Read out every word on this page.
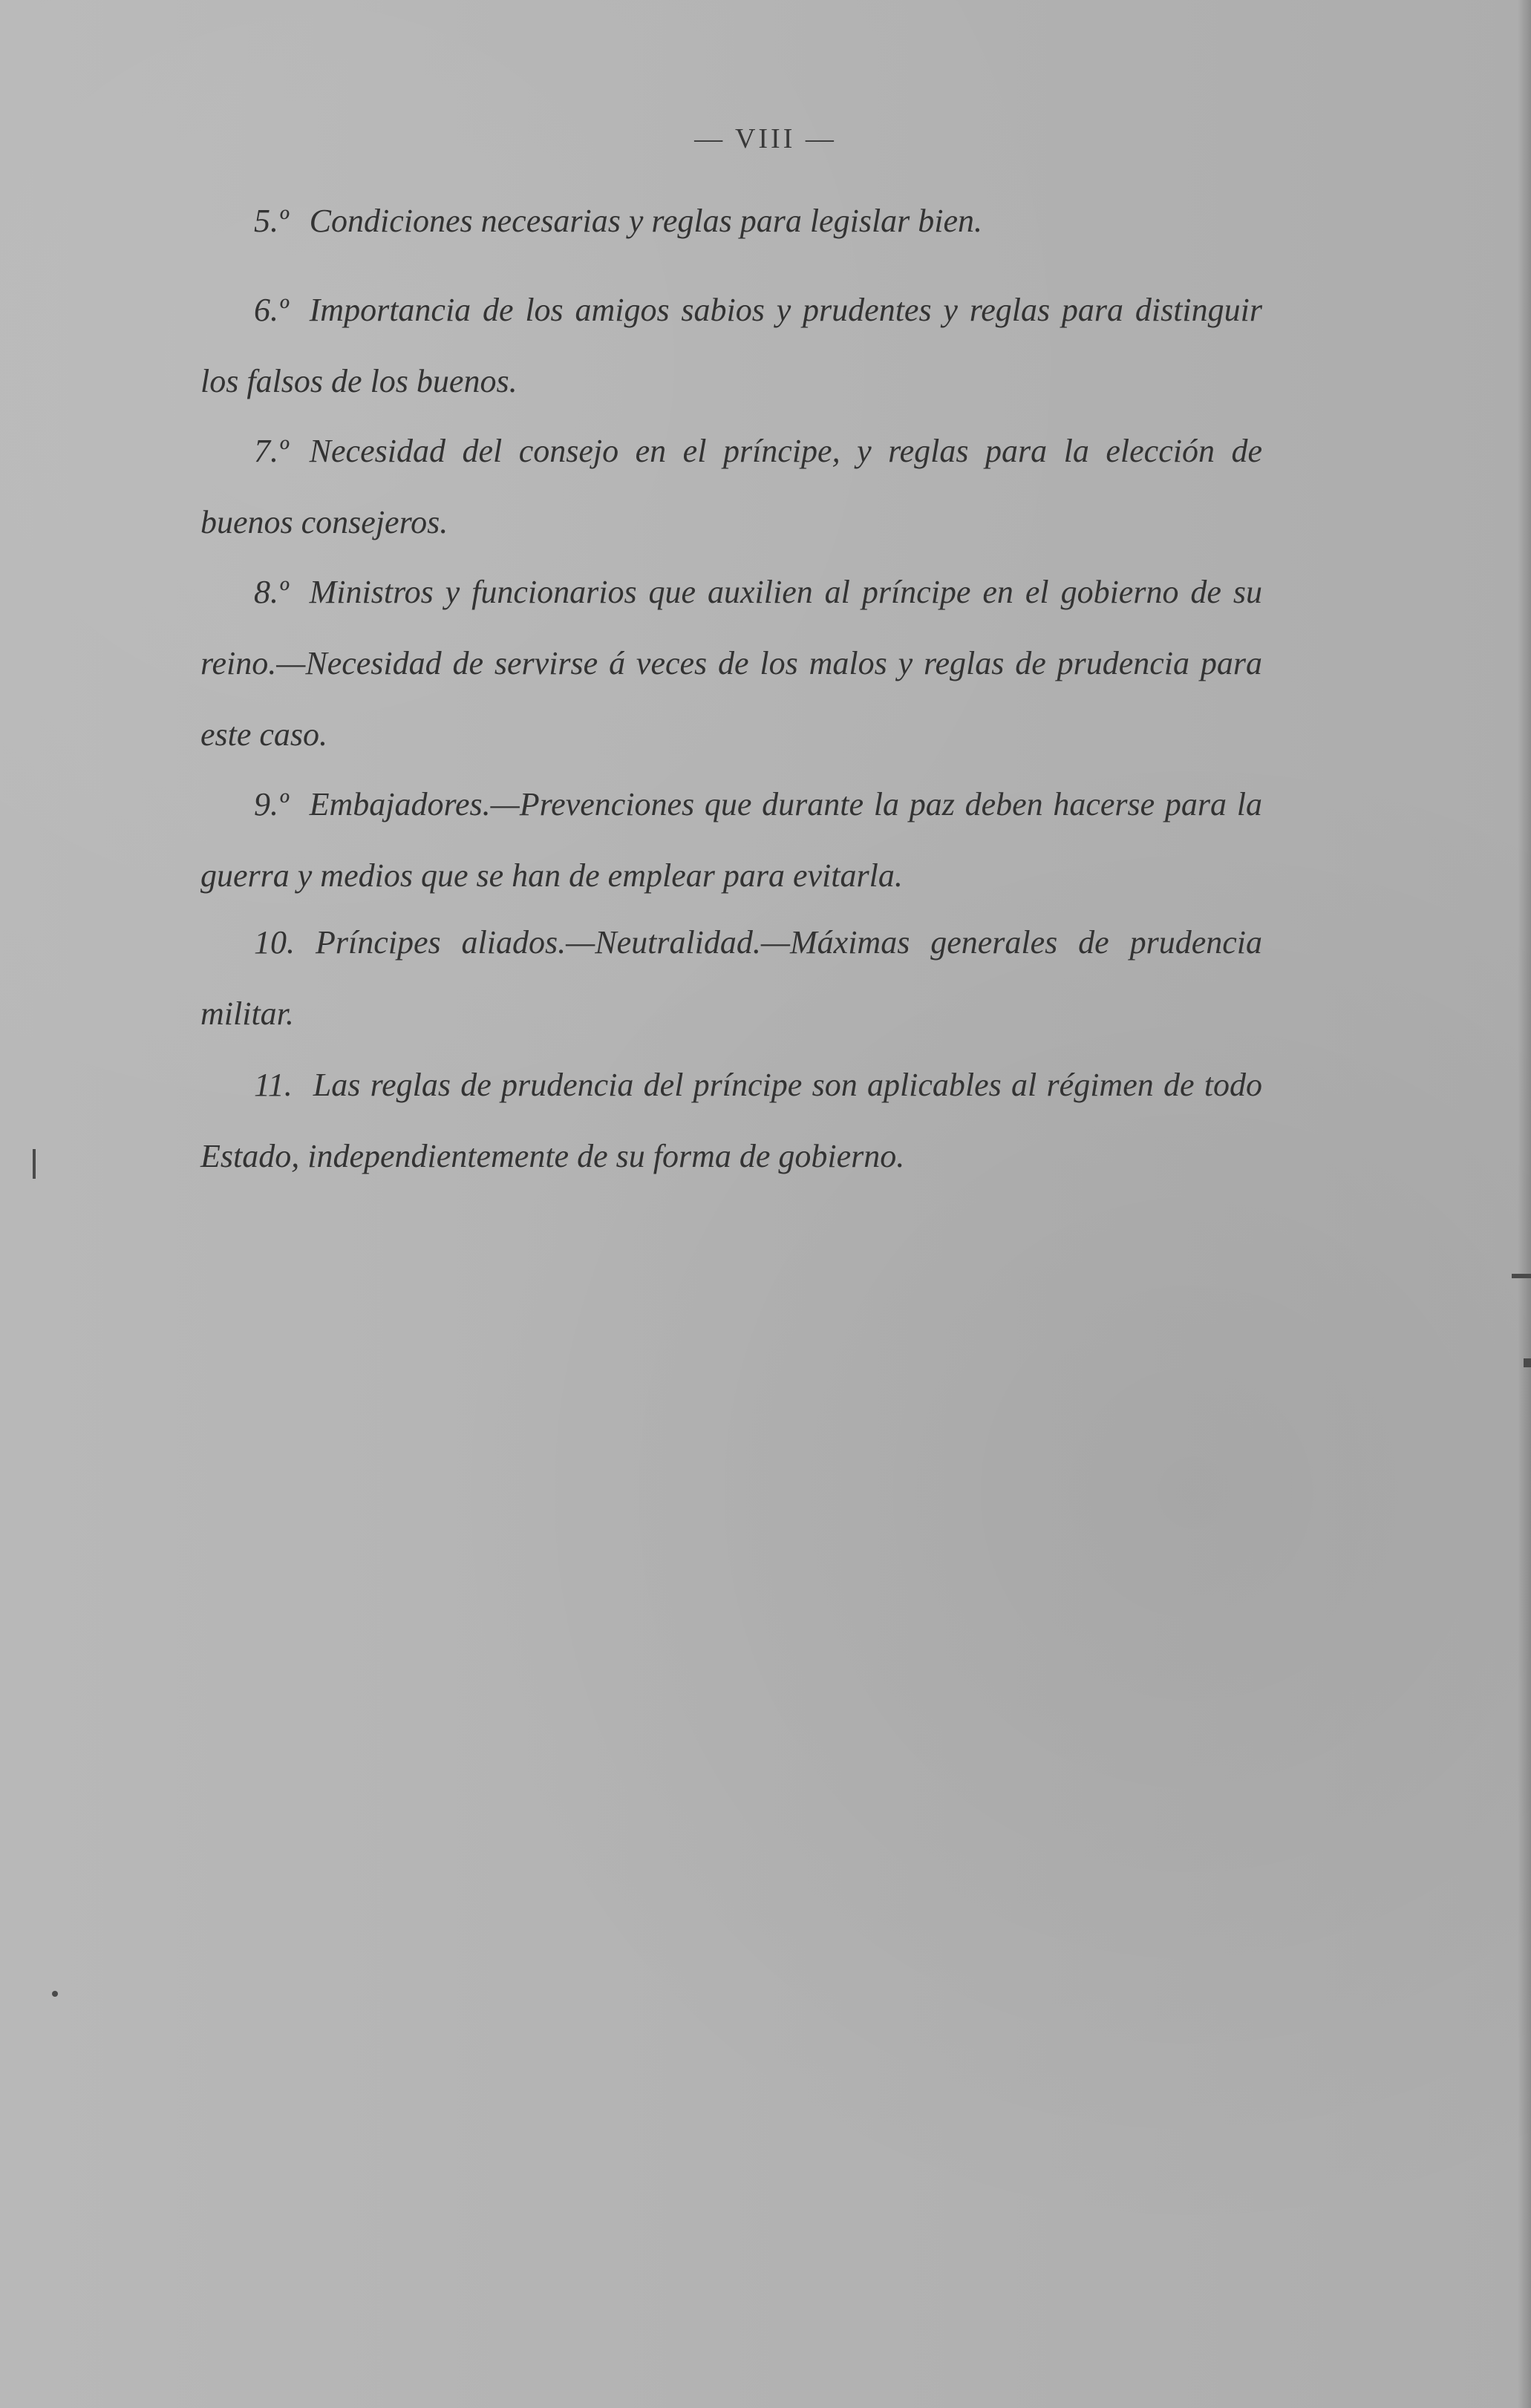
— VIII —
5.º Condiciones necesarias y reglas para legislar bien.
6.º Importancia de los amigos sabios y prudentes y reglas para distinguir los falsos de los buenos.
7.º Necesidad del consejo en el príncipe, y reglas para la elección de buenos consejeros.
8.º Ministros y funcionarios que auxilien al príncipe en el gobierno de su reino.—Necesidad de servirse á veces de los malos y reglas de prudencia para este caso.
9.º Embajadores.—Prevenciones que durante la paz deben hacerse para la guerra y medios que se han de emplear para evitarla.
10. Príncipes aliados.—Neutralidad.—Máximas generales de prudencia militar.
11. Las reglas de prudencia del príncipe son aplicables al régimen de todo Estado, independientemente de su forma de gobierno.
